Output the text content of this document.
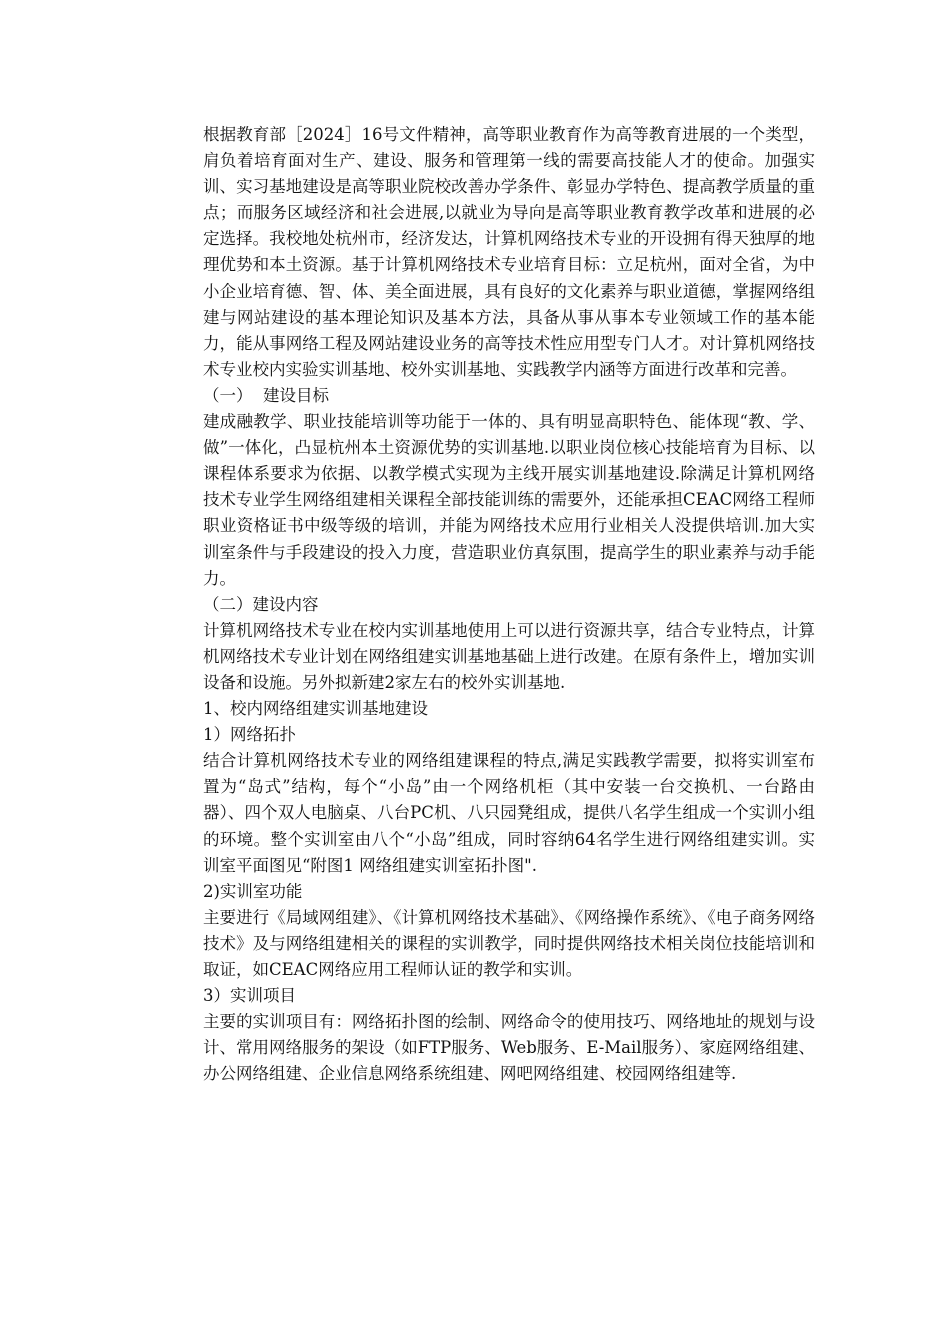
根据教育部［2024］16号文件精神，高等职业教育作为高等教育进展的一个类型，肩负着培育面对生产、建设、服务和管理第一线的需要高技能人才的使命。加强实训、实习基地建设是高等职业院校改善办学条件、彰显办学特色、提高教学质量的重点；而服务区域经济和社会进展,以就业为导向是高等职业教育教学改革和进展的必定选择。我校地处杭州市，经济发达，计算机网络技术专业的开设拥有得天独厚的地理优势和本土资源。基于计算机网络技术专业培育目标：立足杭州，面对全省，为中小企业培育德、智、体、美全面进展，具有良好的文化素养与职业道德，掌握网络组建与网站建设的基本理论知识及基本方法，具备从事从事本专业领域工作的基本能力，能从事网络工程及网站建设业务的高等技术性应用型专门人才。对计算机网络技术专业校内实验实训基地、校外实训基地、实践教学内涵等方面进行改革和完善。

（一）  建设目标

建成融教学、职业技能培训等功能于一体的、具有明显高职特色、能体现“教、学、做”一体化，凸显杭州本土资源优势的实训基地.以职业岗位核心技能培育为目标、以课程体系要求为依据、以教学模式实现为主线开展实训基地建设.除满足计算机网络技术专业学生网络组建相关课程全部技能训练的需要外，还能承担CEAC网络工程师职业资格证书中级等级的培训，并能为网络技术应用行业相关人没提供培训.加大实训室条件与手段建设的投入力度，营造职业仿真氛围，提高学生的职业素养与动手能力。

（二）建设内容

计算机网络技术专业在校内实训基地使用上可以进行资源共享，结合专业特点，计算机网络技术专业计划在网络组建实训基地基础上进行改建。在原有条件上，增加实训设备和设施。另外拟新建2家左右的校外实训基地.

1、校内网络组建实训基地建设

1）网络拓扑

结合计算机网络技术专业的网络组建课程的特点,满足实践教学需要，拟将实训室布置为“岛式”结构，每个“小岛”由一个网络机柜（其中安装一台交换机、一台路由器）、四个双人电脑桌、八台PC机、八只园凳组成，提供八名学生组成一个实训小组的环境。整个实训室由八个“小岛”组成，同时容纳64名学生进行网络组建实训。实训室平面图见“附图1 网络组建实训室拓扑图".

2)实训室功能

主要进行《局域网组建》、《计算机网络技术基础》、《网络操作系统》、《电子商务网络技术》及与网络组建相关的课程的实训教学，同时提供网络技术相关岗位技能培训和取证，如CEAC网络应用工程师认证的教学和实训。

3）实训项目

主要的实训项目有：网络拓扑图的绘制、网络命令的使用技巧、网络地址的规划与设计、常用网络服务的架设（如FTP服务、Web服务、E-Mail服务）、家庭网络组建、办公网络组建、企业信息网络系统组建、网吧网络组建、校园网络组建等.
